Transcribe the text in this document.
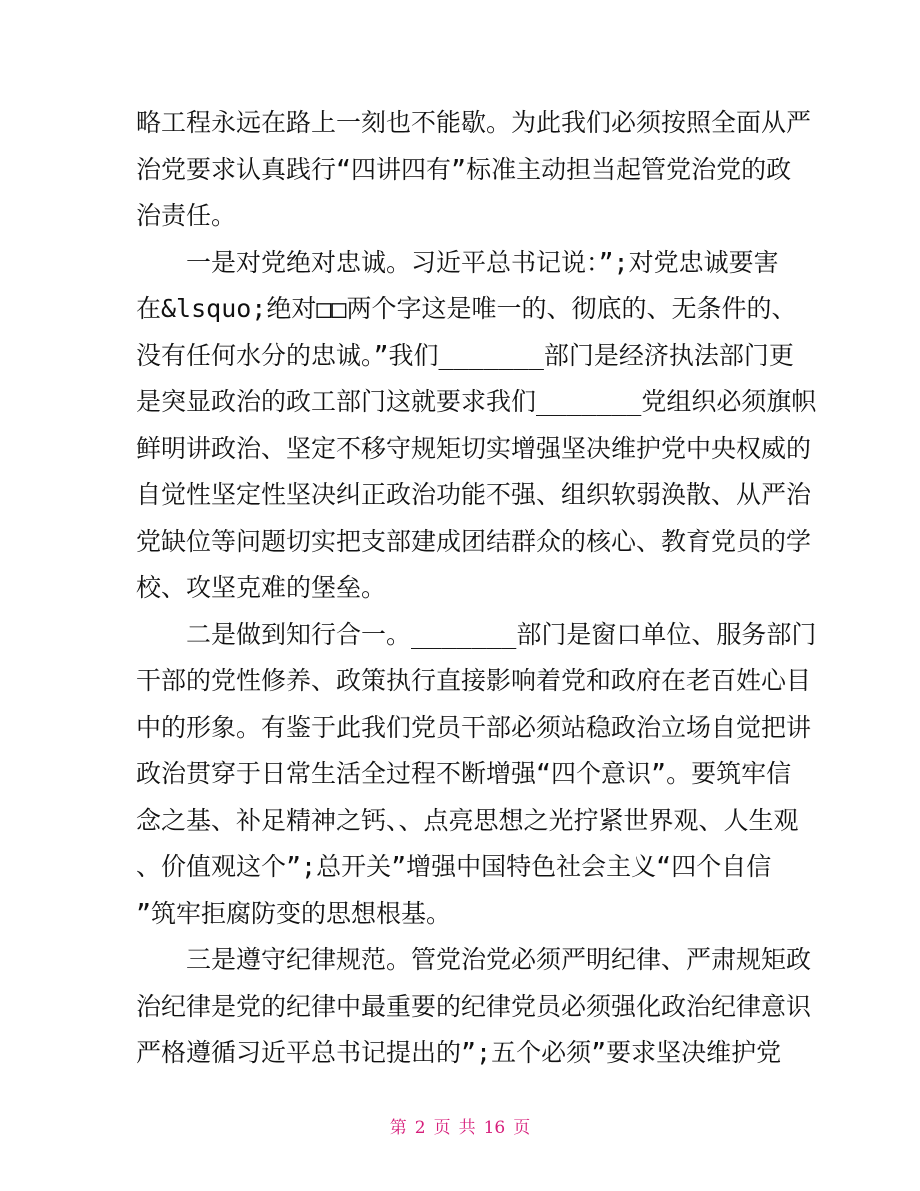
略工程永远在路上一刻也不能歇。为此我们必须按照全面从严
治党要求认真践行“四讲四有”标准主动担当起管党治党的政
治责任。
　　一是对党绝对忠诚。习近平总书记说：”;对党忠诚要害
在&lsquo;绝对□□两个字这是唯一的、彻底的、无条件的、
没有任何水分的忠诚。”我们_______部门是经济执法部门更
是突显政治的政工部门这就要求我们_______党组织必须旗帜
鲜明讲政治、坚定不移守规矩切实增强坚决维护党中央权威的
自觉性坚定性坚决纠正政治功能不强、组织软弱涣散、从严治
党缺位等问题切实把支部建成团结群众的核心、教育党员的学
校、攻坚克难的堡垒。
　　二是做到知行合一。_______部门是窗口单位、服务部门
干部的党性修养、政策执行直接影响着党和政府在老百姓心目
中的形象。有鉴于此我们党员干部必须站稳政治立场自觉把讲
政治贯穿于日常生活全过程不断增强“四个意识”。要筑牢信
念之基、补足精神之钙、、点亮思想之光拧紧世界观、人生观
、价值观这个”;总开关”增强中国特色社会主义“四个自信
”筑牢拒腐防变的思想根基。
　　三是遵守纪律规范。管党治党必须严明纪律、严肃规矩政
治纪律是党的纪律中最重要的纪律党员必须强化政治纪律意识
严格遵循习近平总书记提出的”;五个必须”要求坚决维护党
第 2 页 共 16 页
